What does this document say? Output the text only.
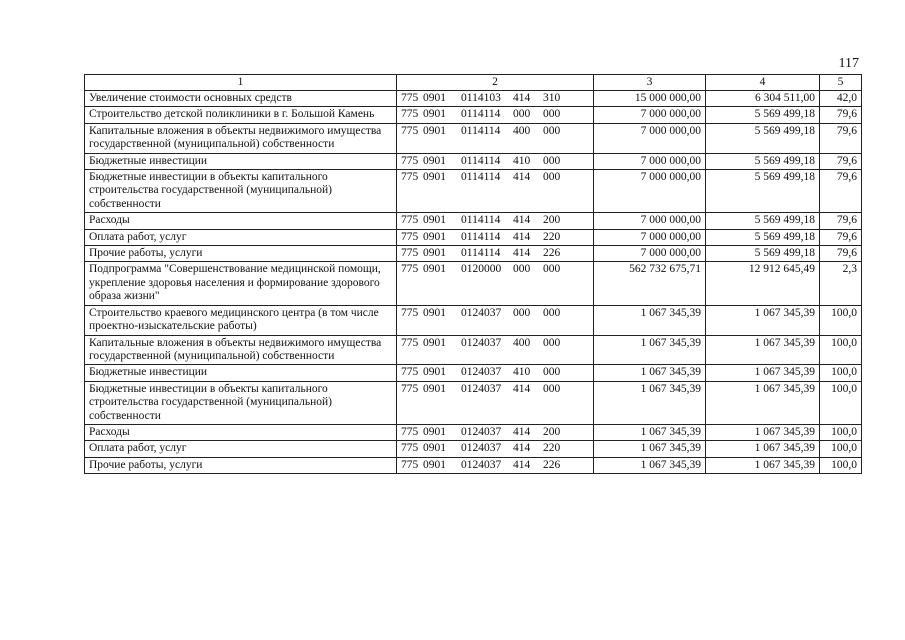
117
1	2	3	4	5
Увеличение стоимости основных средств	775 0901 0114103 414 310	15 000 000,00	6 304 511,00	42,0
Строительство детской поликлиники в г. Большой Камень	775 0901 0114114 000 000	7 000 000,00	5 569 499,18	79,6
Капитальные вложения в объекты недвижимого имущества государственной (муниципальной) собственности	775 0901 0114114 400 000	7 000 000,00	5 569 499,18	79,6
Бюджетные инвестиции	775 0901 0114114 410 000	7 000 000,00	5 569 499,18	79,6
Бюджетные инвестиции в объекты капитального строительства государственной (муниципальной) собственности	775 0901 0114114 414 000	7 000 000,00	5 569 499,18	79,6
Расходы	775 0901 0114114 414 200	7 000 000,00	5 569 499,18	79,6
Оплата работ, услуг	775 0901 0114114 414 220	7 000 000,00	5 569 499,18	79,6
Прочие работы, услуги	775 0901 0114114 414 226	7 000 000,00	5 569 499,18	79,6
Подпрограмма "Совершенствование медицинской помощи, укрепление здоровья населения и формирование здорового образа жизни"	775 0901 0120000 000 000	562 732 675,71	12 912 645,49	2,3
Строительство краевого медицинского центра (в том числе проектно-изыскательские работы)	775 0901 0124037 000 000	1 067 345,39	1 067 345,39	100,0
Капитальные вложения в объекты недвижимого имущества государственной (муниципальной) собственности	775 0901 0124037 400 000	1 067 345,39	1 067 345,39	100,0
Бюджетные инвестиции	775 0901 0124037 410 000	1 067 345,39	1 067 345,39	100,0
Бюджетные инвестиции в объекты капитального строительства государственной (муниципальной) собственности	775 0901 0124037 414 000	1 067 345,39	1 067 345,39	100,0
Расходы	775 0901 0124037 414 200	1 067 345,39	1 067 345,39	100,0
Оплата работ, услуг	775 0901 0124037 414 220	1 067 345,39	1 067 345,39	100,0
Прочие работы, услуги	775 0901 0124037 414 226	1 067 345,39	1 067 345,39	100,0
